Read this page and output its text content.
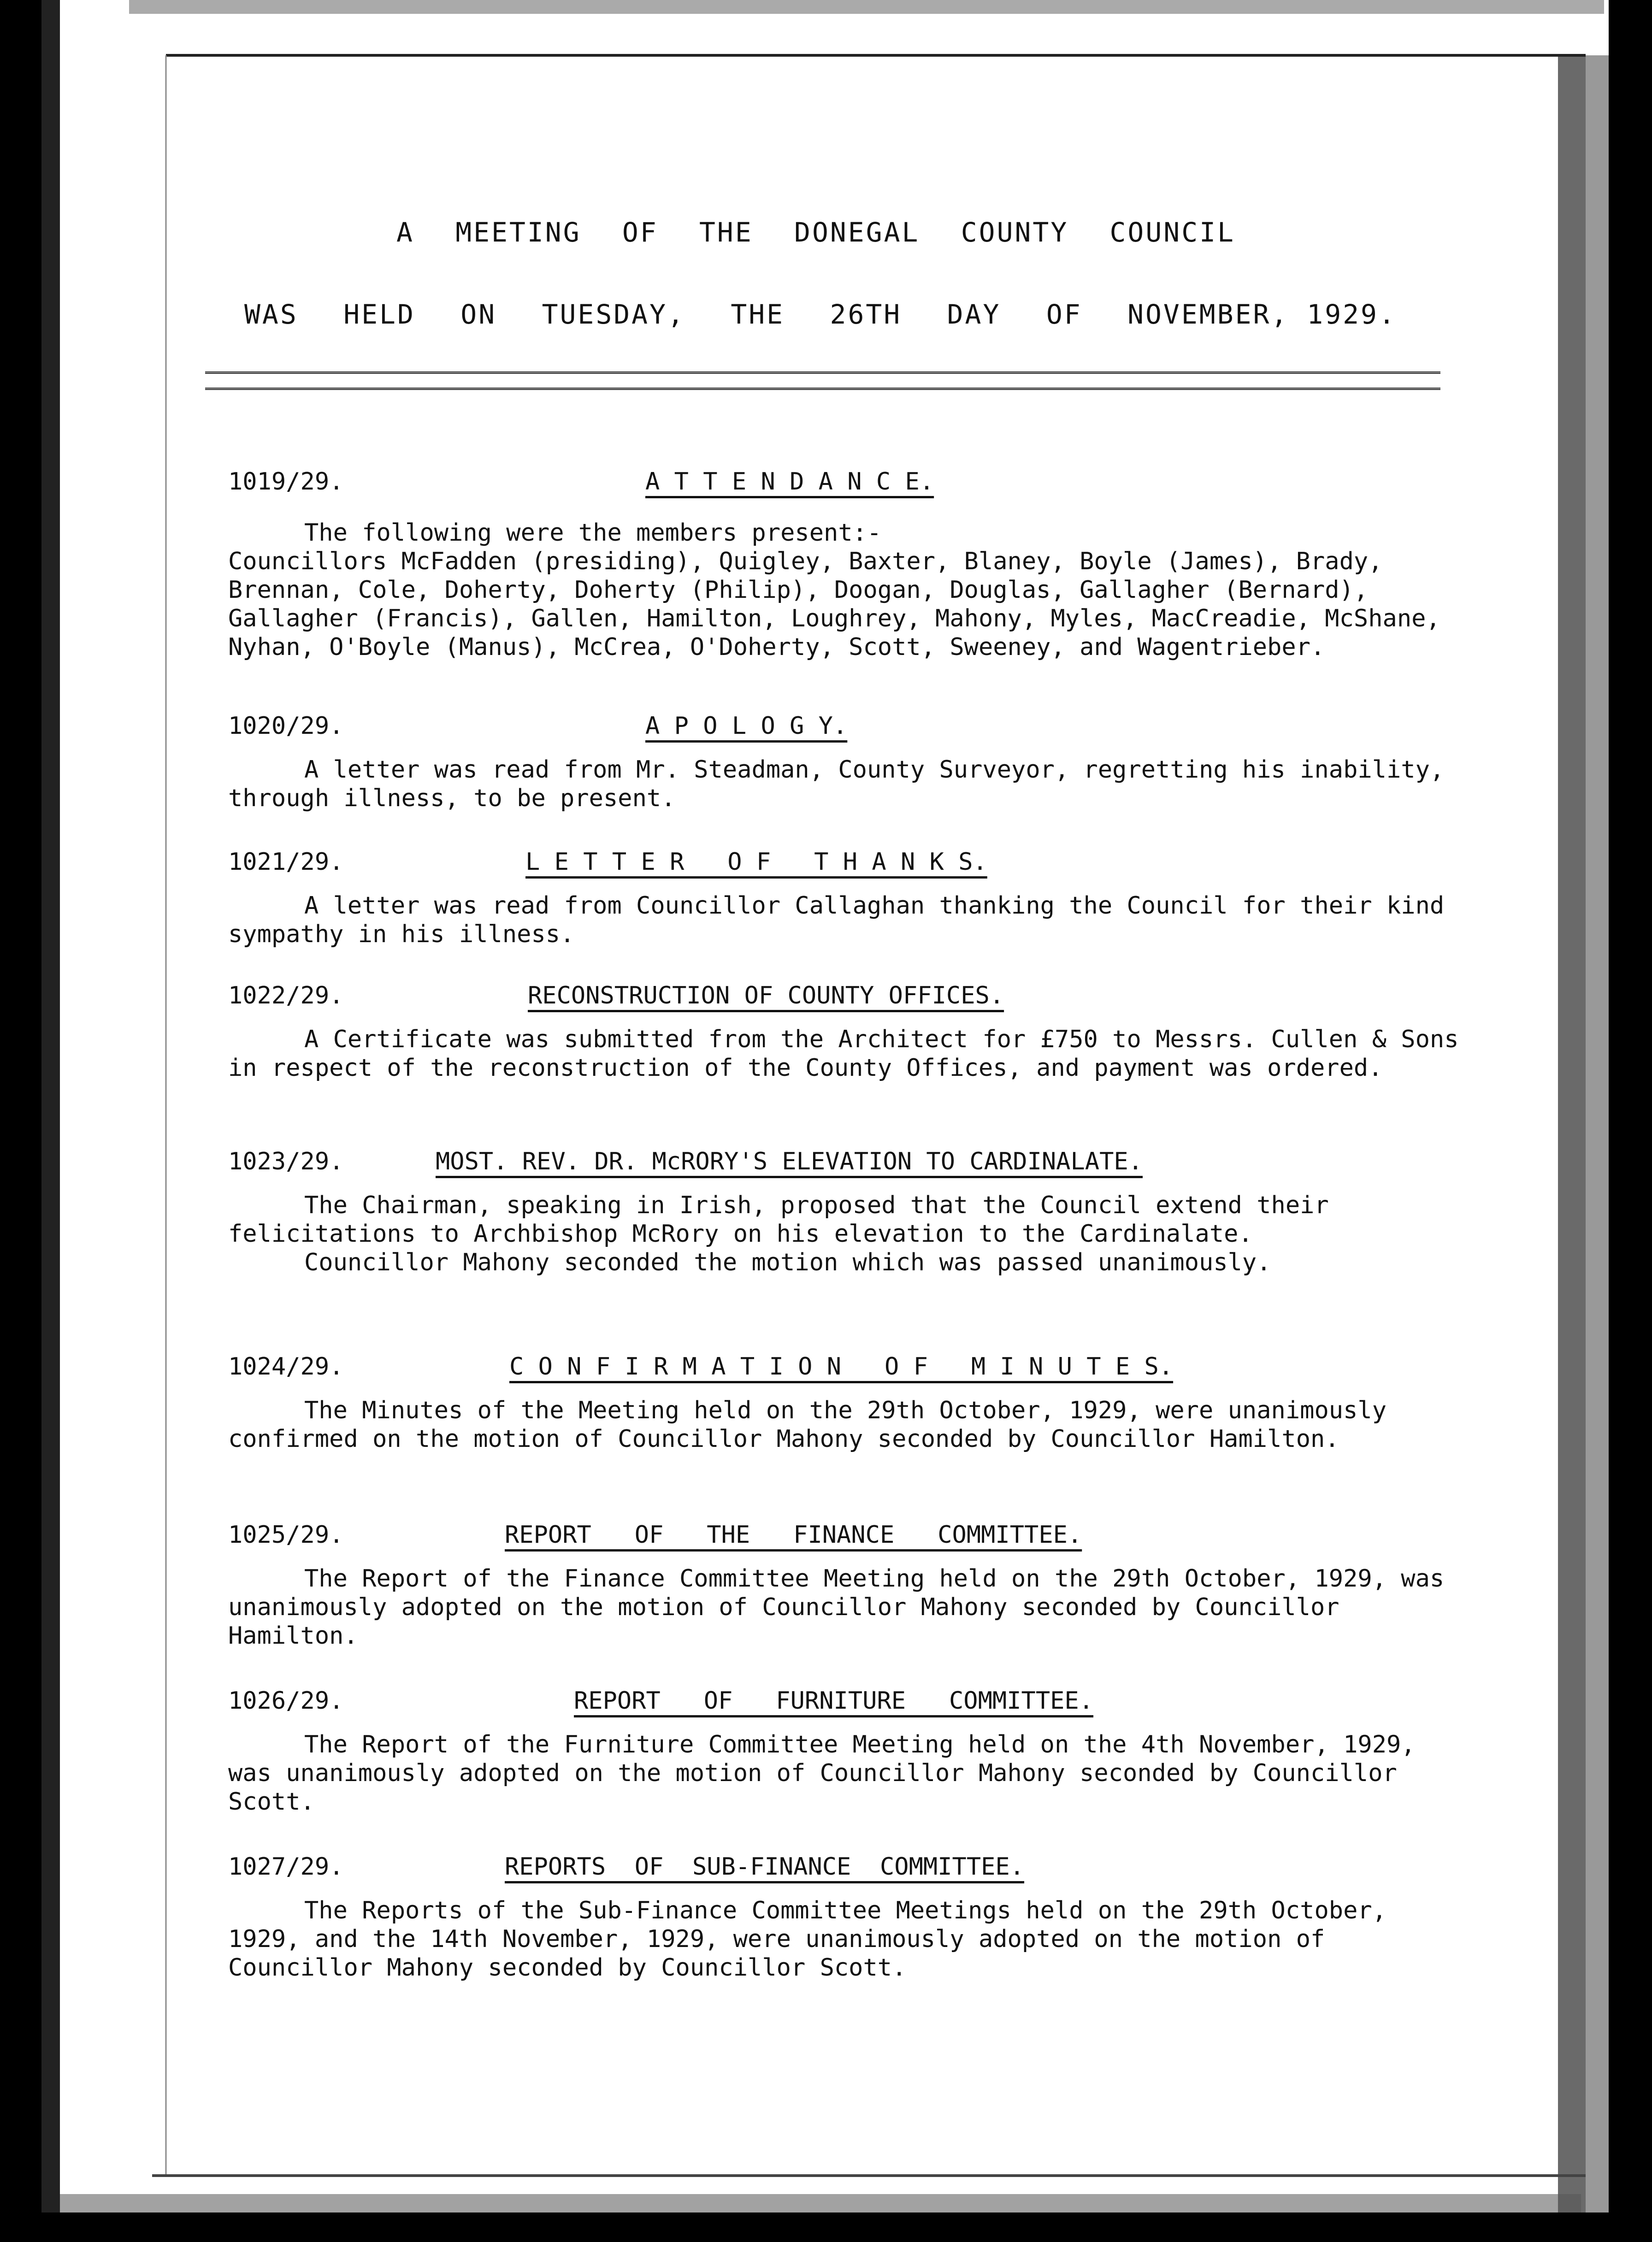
A MEETING OF THE DONEGAL COUNTY COUNCIL
WAS HELD ON TUESDAY, THE 26TH DAY OF NOVEMBER, 1929.
1019/29.	A T T E N D A N C E.
The following were the members present:-
Councillors McFadden (presiding), Quigley, Baxter, Blaney, Boyle (James), Brady, Brennan, Cole, Doherty, Doherty (Philip), Doogan, Douglas, Gallagher (Bernard), Gallagher (Francis), Gallen, Hamilton, Loughrey, Mahony, Myles, MacCreadie, McShane, Nyhan, O'Boyle (Manus), McCrea, O'Doherty, Scott, Sweeney, and Wagentrieber.
1020/29.	A P O L O G Y.
A letter was read from Mr. Steadman, County Surveyor, regretting his inability, through illness, to be present.
1021/29.	L E T T E R   O F   T H A N K S.
A letter was read from Councillor Callaghan thanking the Council for their kind sympathy in his illness.
1022/29.	RECONSTRUCTION OF COUNTY OFFICES.
A Certificate was submitted from the Architect for £750 to Messrs. Cullen & Sons in respect of the reconstruction of the County Offices, and payment was ordered.
1023/29.	MOST. REV. DR. McRORY'S ELEVATION TO CARDINALATE.
The Chairman, speaking in Irish, proposed that the Council extend their felicitations to Archbishop McRory on his elevation to the Cardinalate.
Councillor Mahony seconded the motion which was passed unanimously.
1024/29.	C O N F I R M A T I O N   O F   M I N U T E S.
The Minutes of the Meeting held on the 29th October, 1929, were unanimously confirmed on the motion of Councillor Mahony seconded by Councillor Hamilton.
1025/29.	REPORT   OF   THE   FINANCE   COMMITTEE.
The Report of the Finance Committee Meeting held on the 29th October, 1929, was unanimously adopted on the motion of Councillor Mahony seconded by Councillor Hamilton.
1026/29.	REPORT   OF   FURNITURE   COMMITTEE.
The Report of the Furniture Committee Meeting held on the 4th November, 1929, was unanimously adopted on the motion of Councillor Mahony seconded by Councillor Scott.
1027/29.	REPORTS  OF  SUB-FINANCE  COMMITTEE.
The Reports of the Sub-Finance Committee Meetings held on the 29th October, 1929, and the 14th November, 1929, were unanimously adopted on the motion of Councillor Mahony seconded by Councillor Scott.
